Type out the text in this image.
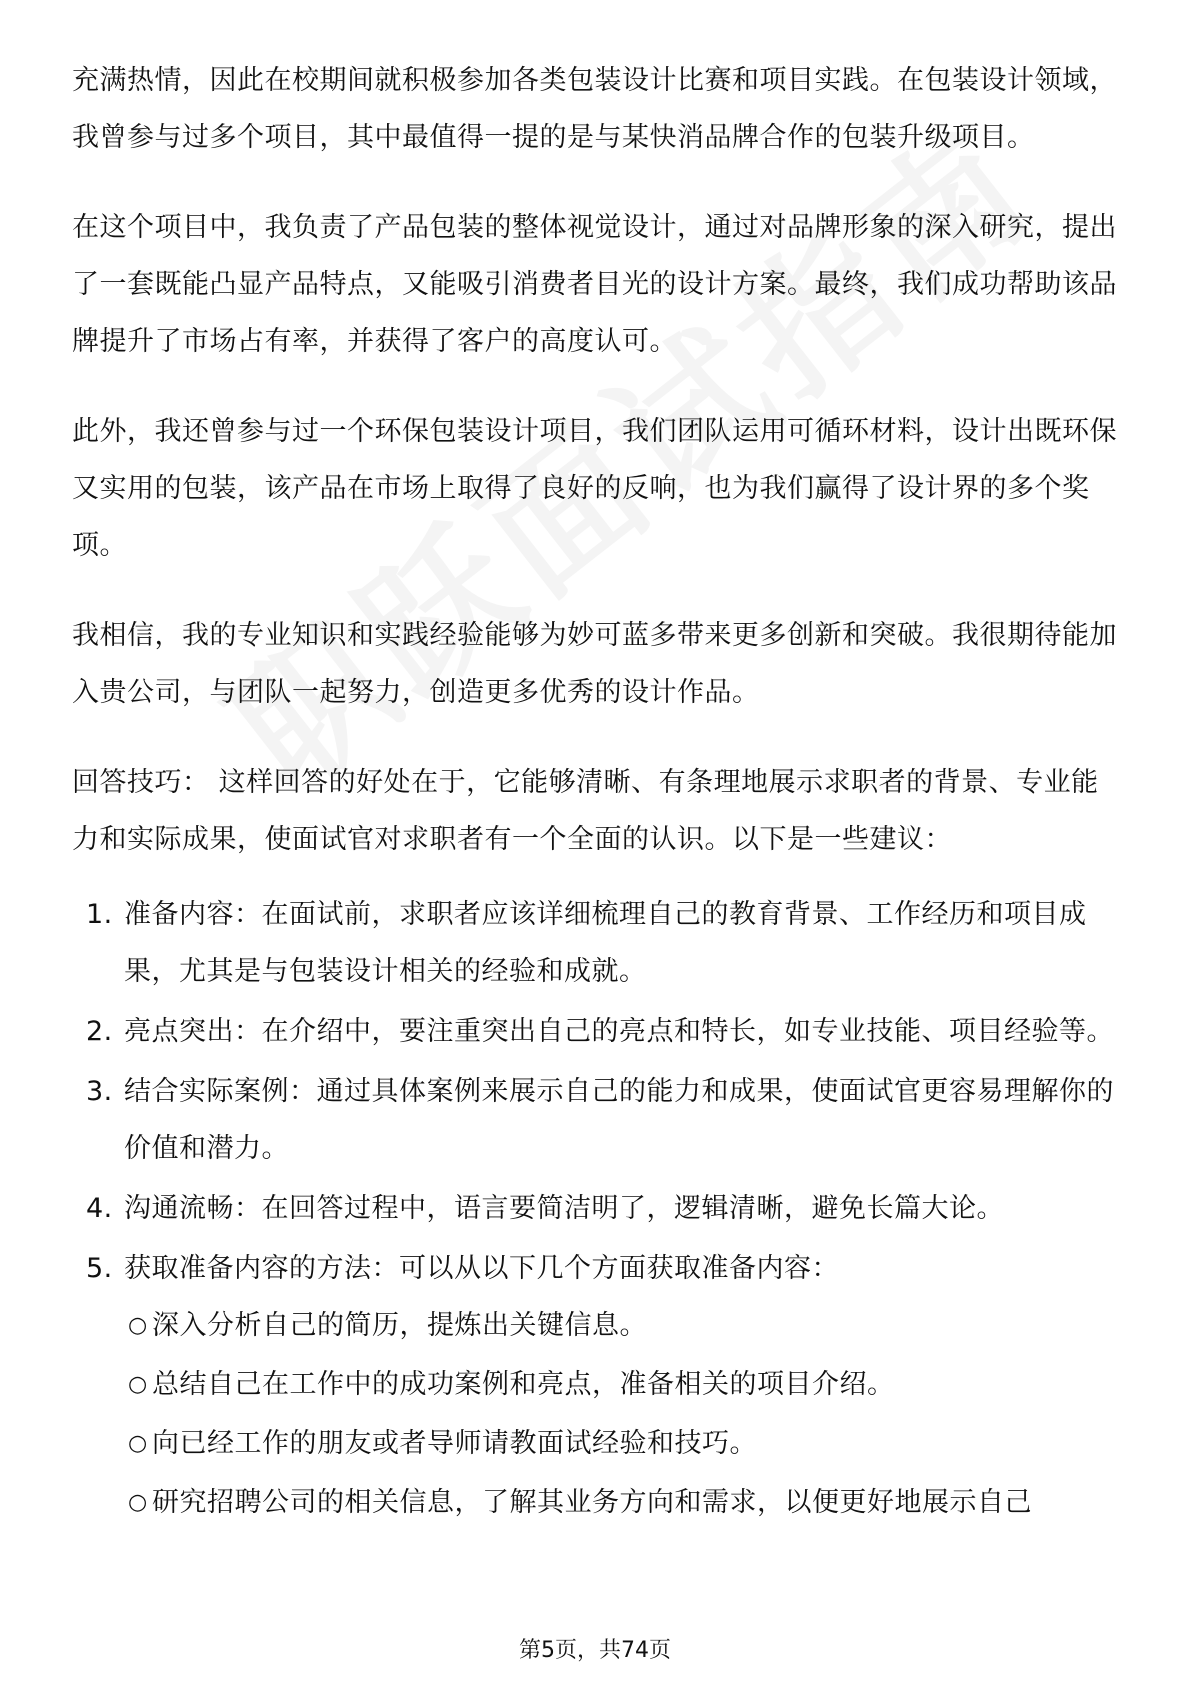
充满热情，因此在校期间就积极参加各类包装设计比赛和项目实践。在包装设计领域，我曾参与过多个项目，其中最值得一提的是与某快消品牌合作的包装升级项目。

在这个项目中，我负责了产品包装的整体视觉设计，通过对品牌形象的深入研究，提出了一套既能凸显产品特点，又能吸引消费者目光的设计方案。最终，我们成功帮助该品牌提升了市场占有率，并获得了客户的高度认可。

此外，我还曾参与过一个环保包装设计项目，我们团队运用可循环材料，设计出既环保又实用的包装，该产品在市场上取得了良好的反响，也为我们赢得了设计界的多个奖项。

我相信，我的专业知识和实践经验能够为妙可蓝多带来更多创新和突破。我很期待能加入贵公司，与团队一起努力，创造更多优秀的设计作品。

回答技巧： 这样回答的好处在于，它能够清晰、有条理地展示求职者的背景、专业能力和实际成果，使面试官对求职者有一个全面的认识。以下是一些建议：

1. 准备内容：在面试前，求职者应该详细梳理自己的教育背景、工作经历和项目成果，尤其是与包装设计相关的经验和成就。
2. 亮点突出：在介绍中，要注重突出自己的亮点和特长，如专业技能、项目经验等。
3. 结合实际案例：通过具体案例来展示自己的能力和成果，使面试官更容易理解你的价值和潜力。
4. 沟通流畅：在回答过程中，语言要简洁明了，逻辑清晰，避免长篇大论。
5. 获取准备内容的方法：可以从以下几个方面获取准备内容：
○ 深入分析自己的简历，提炼出关键信息。
○ 总结自己在工作中的成功案例和亮点，准备相关的项目介绍。
○ 向已经工作的朋友或者导师请教面试经验和技巧。
○ 研究招聘公司的相关信息，了解其业务方向和需求，以便更好地展示自己
第5页，共74页
